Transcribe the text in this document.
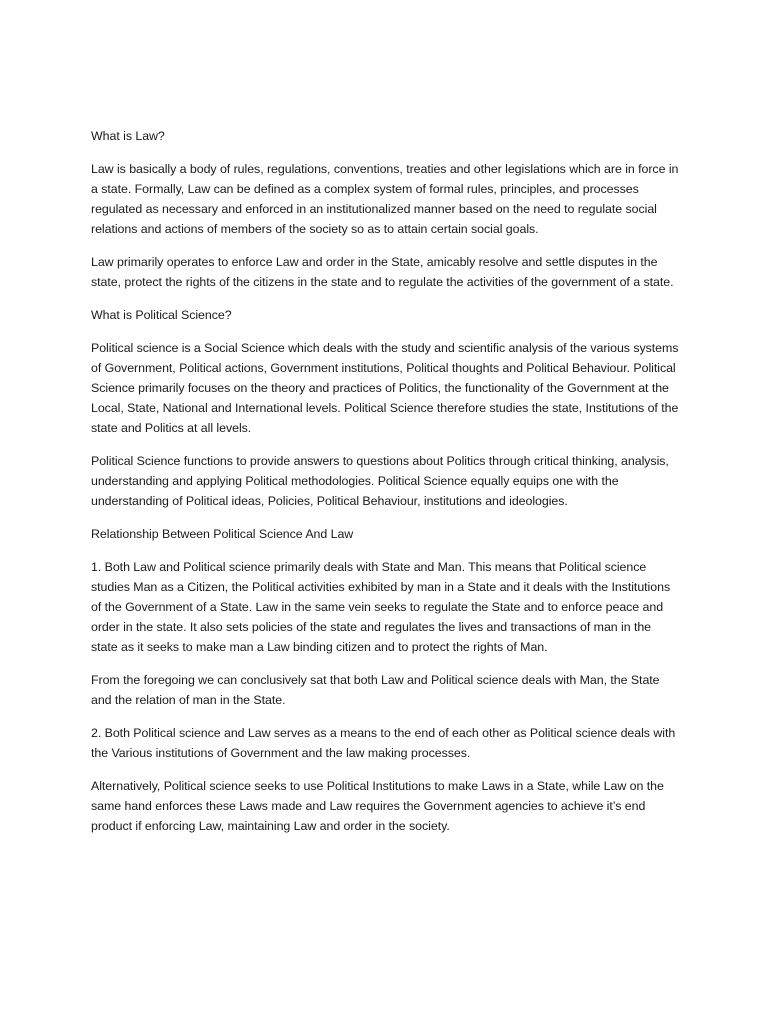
What is Law?

Law is basically a body of rules, regulations, conventions, treaties and other legislations which are in force in a state. Formally, Law can be defined as a complex system of formal rules, principles, and processes regulated as necessary and enforced in an institutionalized manner based on the need to regulate social relations and actions of members of the society so as to attain certain social goals.

Law primarily operates to enforce Law and order in the State, amicably resolve and settle disputes in the state, protect the rights of the citizens in the state and to regulate the activities of the government of a state.

What is Political Science?

Political science is a Social Science which deals with the study and scientific analysis of the various systems of Government, Political actions, Government institutions, Political thoughts and Political Behaviour. Political Science primarily focuses on the theory and practices of Politics, the functionality of the Government at the Local, State, National and International levels. Political Science therefore studies the state, Institutions of the state and Politics at all levels.

Political Science functions to provide answers to questions about Politics through critical thinking, analysis, understanding and applying Political methodologies. Political Science equally equips one with the understanding of Political ideas, Policies, Political Behaviour, institutions and ideologies.

Relationship Between Political Science And Law

1. Both Law and Political science primarily deals with State and Man. This means that Political science studies Man as a Citizen, the Political activities exhibited by man in a State and it deals with the Institutions of the Government of a State. Law in the same vein seeks to regulate the State and to enforce peace and order in the state. It also sets policies of the state and regulates the lives and transactions of man in the state as it seeks to make man a Law binding citizen and to protect the rights of Man.

From the foregoing we can conclusively sat that both Law and Political science deals with Man, the State and the relation of man in the State.

2. Both Political science and Law serves as a means to the end of each other as Political science deals with the Various institutions of Government and the law making processes.

Alternatively, Political science seeks to use Political Institutions to make Laws in a State, while Law on the same hand enforces these Laws made and Law requires the Government agencies to achieve it’s end product if enforcing Law, maintaining Law and order in the society.
